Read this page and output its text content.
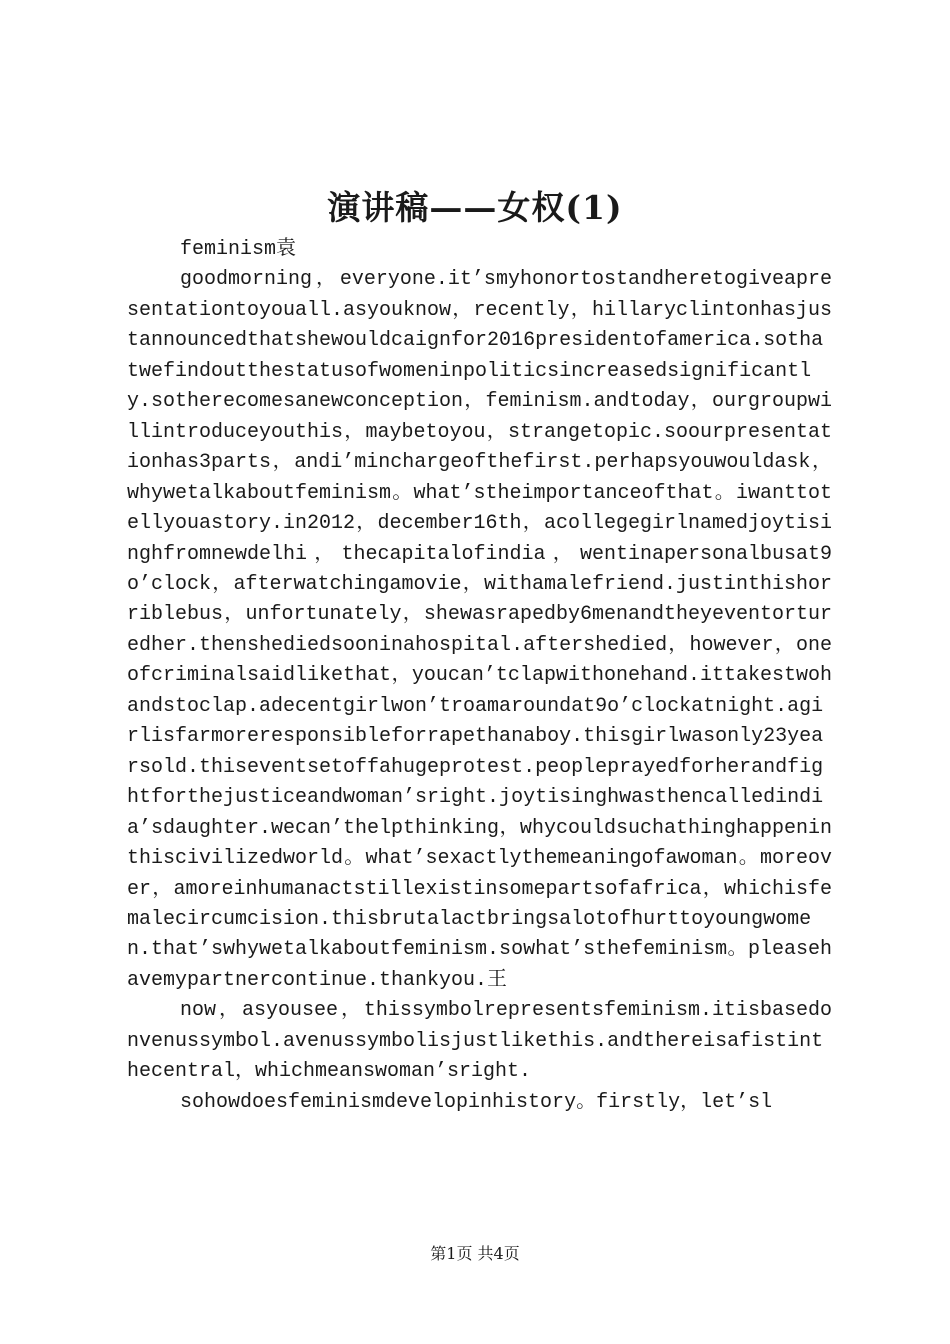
演讲稿——女权(1)

feminism袁

goodmorning，everyone.it’smyhonortostandheretogiveapresentationtoyouall.asyouknow，recently，hillaryclintonhasjustannouncedthatshewouldcaignfor2016presidentofamerica.sothatwefindoutthestatusofwomeninpoliticsincreasedsignificantly.sotherecomesanewconception，feminism.andtoday，ourgroupwillintroduceyouthis，maybetoyou，strangetopic.soourpresentationhas3parts，andi’minchargeofthefirst.perhapsyouwouldask，whywetalkaboutfeminism。what’stheimportanceofthat。iwanttotellyouastory.in2012，december16th，acollegegirlnamedjoytisinghfromnewdelhi，thecapitalofindia，wentinapersonalbusat9o’clock，afterwatchingamovie，withamalefriend.justinthishorriblebus，unfortunately，shewasrapedby6menandtheyeventorturedher.thenshediedsooninahospital.aftershedied，however，oneofcriminalsaidlikethat，youcan’tclapwithonehand.ittakestwohandstoclap.adecentgirlwon’troamaroundat9o’clockatnight.agirlisfarmoreresponsibleforrapethanaboy.thisgirlwasonly23yearsold.thiseventsetoffahugeprotest.peopleprayedforherandfightforthejusticeandwoman’sright.joytisinghwasthencalledindia’sdaughter.wecan’thelpthinking，whycouldsuchathinghappeninthiscivilizedworld。what’sexactlythemeaningofawoman。moreover，amoreinhumanactstillexistinsomepartsofafrica，whichisfemalecircumcision.thisbrutalactbringsalotofhurttoyoungwomen.that’swhywetalkaboutfeminism.sowhat’sthefeminism。pleasehavemypartnercontinue.thankyou.王

now，asyousee，thissymbolrepresentsfeminism.itisbasedonvenussymbol.avenussymbolisjustlikethis.andthereisafistinthecentral，whichmeanswoman’sright.

sohowdoesfeminismdevelopinhistory。firstly，let’sl

第1页 共4页
